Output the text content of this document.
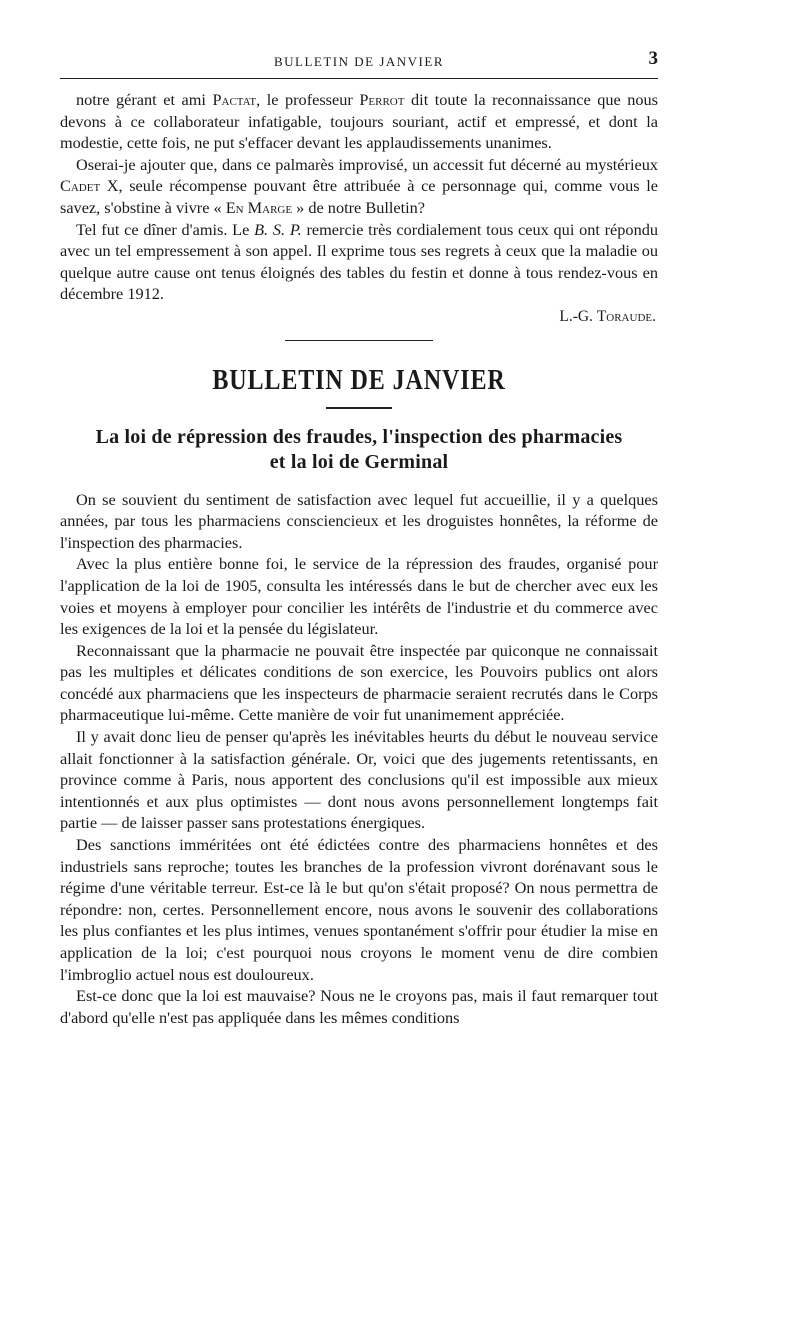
BULLETIN DE JANVIER	3

notre gérant et ami Pactat, le professeur Perrot dit toute la reconnaissance que nous devons à ce collaborateur infatigable, toujours souriant, actif et empressé, et dont la modestie, cette fois, ne put s'effacer devant les applaudissements unanimes.

Oserai-je ajouter que, dans ce palmarès improvisé, un accessit fut décerné au mystérieux Cadet X, seule récompense pouvant être attribuée à ce personnage qui, comme vous le savez, s'obstine à vivre « En Marge » de notre Bulletin?

Tel fut ce dîner d'amis. Le B. S. P. remercie très cordialement tous ceux qui ont répondu avec un tel empressement à son appel. Il exprime tous ses regrets à ceux que la maladie ou quelque autre cause ont tenus éloignés des tables du festin et donne à tous rendez-vous en décembre 1912.

L.-G. Toraude.
BULLETIN DE JANVIER
La loi de répression des fraudes, l'inspection des pharmacies
et la loi de Germinal

On se souvient du sentiment de satisfaction avec lequel fut accueillie, il y a quelques années, par tous les pharmaciens consciencieux et les droguistes honnêtes, la réforme de l'inspection des pharmacies.

Avec la plus entière bonne foi, le service de la répression des fraudes, organisé pour l'application de la loi de 1905, consulta les intéressés dans le but de chercher avec eux les voies et moyens à employer pour concilier les intérêts de l'industrie et du commerce avec les exigences de la loi et la pensée du législateur.

Reconnaissant que la pharmacie ne pouvait être inspectée par quiconque ne connaissait pas les multiples et délicates conditions de son exercice, les Pouvoirs publics ont alors concédé aux pharmaciens que les inspecteurs de pharmacie seraient recrutés dans le Corps pharmaceutique lui-même. Cette manière de voir fut unanimement appréciée.

Il y avait donc lieu de penser qu'après les inévitables heurts du début le nouveau service allait fonctionner à la satisfaction générale. Or, voici que des jugements retentissants, en province comme à Paris, nous apportent des conclusions qu'il est impossible aux mieux intentionnés et aux plus optimistes — dont nous avons personnellement longtemps fait partie — de laisser passer sans protestations énergiques.

Des sanctions imméritées ont été édictées contre des pharmaciens honnêtes et des industriels sans reproche; toutes les branches de la profession vivront dorénavant sous le régime d'une véritable terreur. Est-ce là le but qu'on s'était proposé? On nous permettra de répondre: non, certes. Personnellement encore, nous avons le souvenir des collaborations les plus confiantes et les plus intimes, venues spontanément s'offrir pour étudier la mise en application de la loi; c'est pourquoi nous croyons le moment venu de dire combien l'imbroglio actuel nous est douloureux.

Est-ce donc que la loi est mauvaise? Nous ne le croyons pas, mais il faut remarquer tout d'abord qu'elle n'est pas appliquée dans les mêmes conditions
